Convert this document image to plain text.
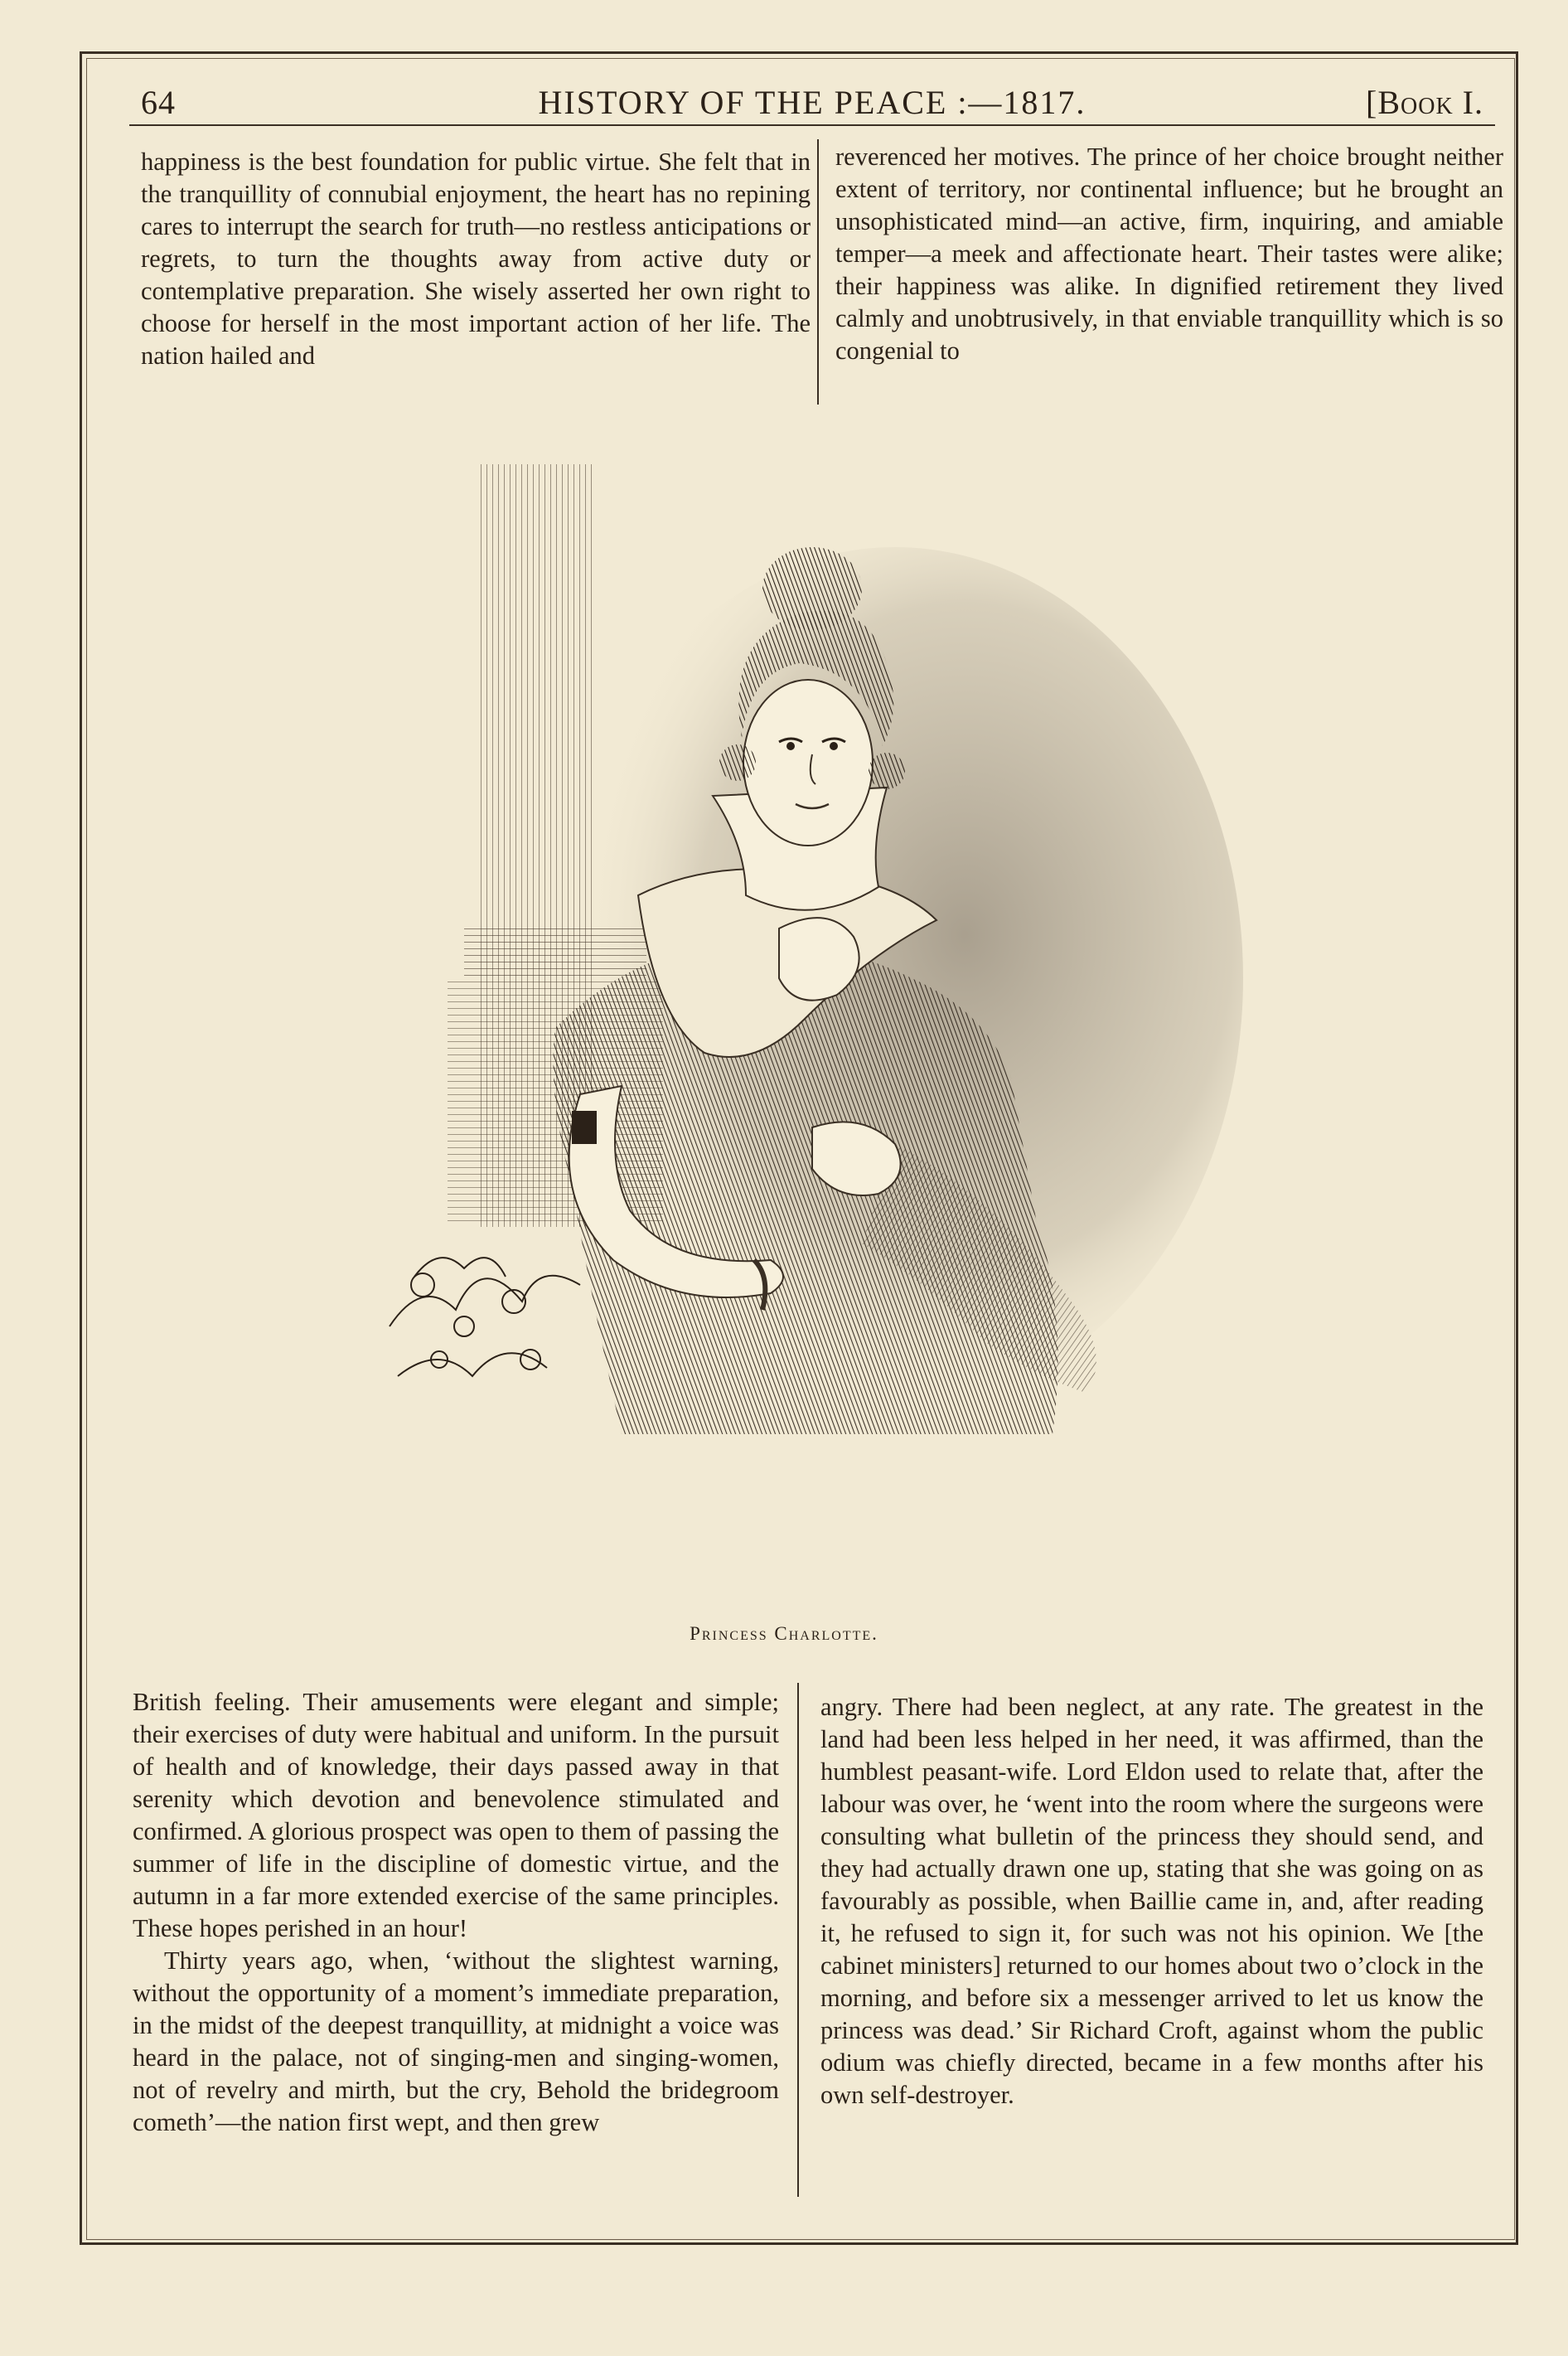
64	HISTORY OF THE PEACE :—1817.	[Book I.

happiness is the best foundation for public virtue. She felt that in the tranquillity of connubial enjoyment, the heart has no repining cares to interrupt the search for truth—no restless anticipations or regrets, to turn the thoughts away from active duty or contemplative preparation. She wisely asserted her own right to choose for herself in the most important action of her life. The nation hailed and

reverenced her motives. The prince of her choice brought neither extent of territory, nor continental influence; but he brought an unsophisticated mind—an active, firm, inquiring, and amiable temper—a meek and affectionate heart. Their tastes were alike; their happiness was alike. In dignified retirement they lived calmly and unobtrusively, in that enviable tranquillity which is so congenial to

Princess Charlotte.

British feeling. Their amusements were elegant and simple; their exercises of duty were habitual and uniform. In the pursuit of health and of knowledge, their days passed away in that serenity which devotion and benevolence stimulated and confirmed. A glorious prospect was open to them of passing the summer of life in the discipline of domestic virtue, and the autumn in a far more extended exercise of the same principles. These hopes perished in an hour!

Thirty years ago, when, ‘without the slightest warning, without the opportunity of a moment’s immediate preparation, in the midst of the deepest tranquillity, at midnight a voice was heard in the palace, not of singing-men and singing-women, not of revelry and mirth, but the cry, Behold the bridegroom cometh’—the nation first wept, and then grew

angry. There had been neglect, at any rate. The greatest in the land had been less helped in her need, it was affirmed, than the humblest peasant-wife. Lord Eldon used to relate that, after the labour was over, he ‘went into the room where the surgeons were consulting what bulletin of the princess they should send, and they had actually drawn one up, stating that she was going on as favourably as possible, when Baillie came in, and, after reading it, he refused to sign it, for such was not his opinion. We [the cabinet ministers] returned to our homes about two o’clock in the morning, and before six a messenger arrived to let us know the princess was dead.’ Sir Richard Croft, against whom the public odium was chiefly directed, became in a few months after his own self-destroyer.
